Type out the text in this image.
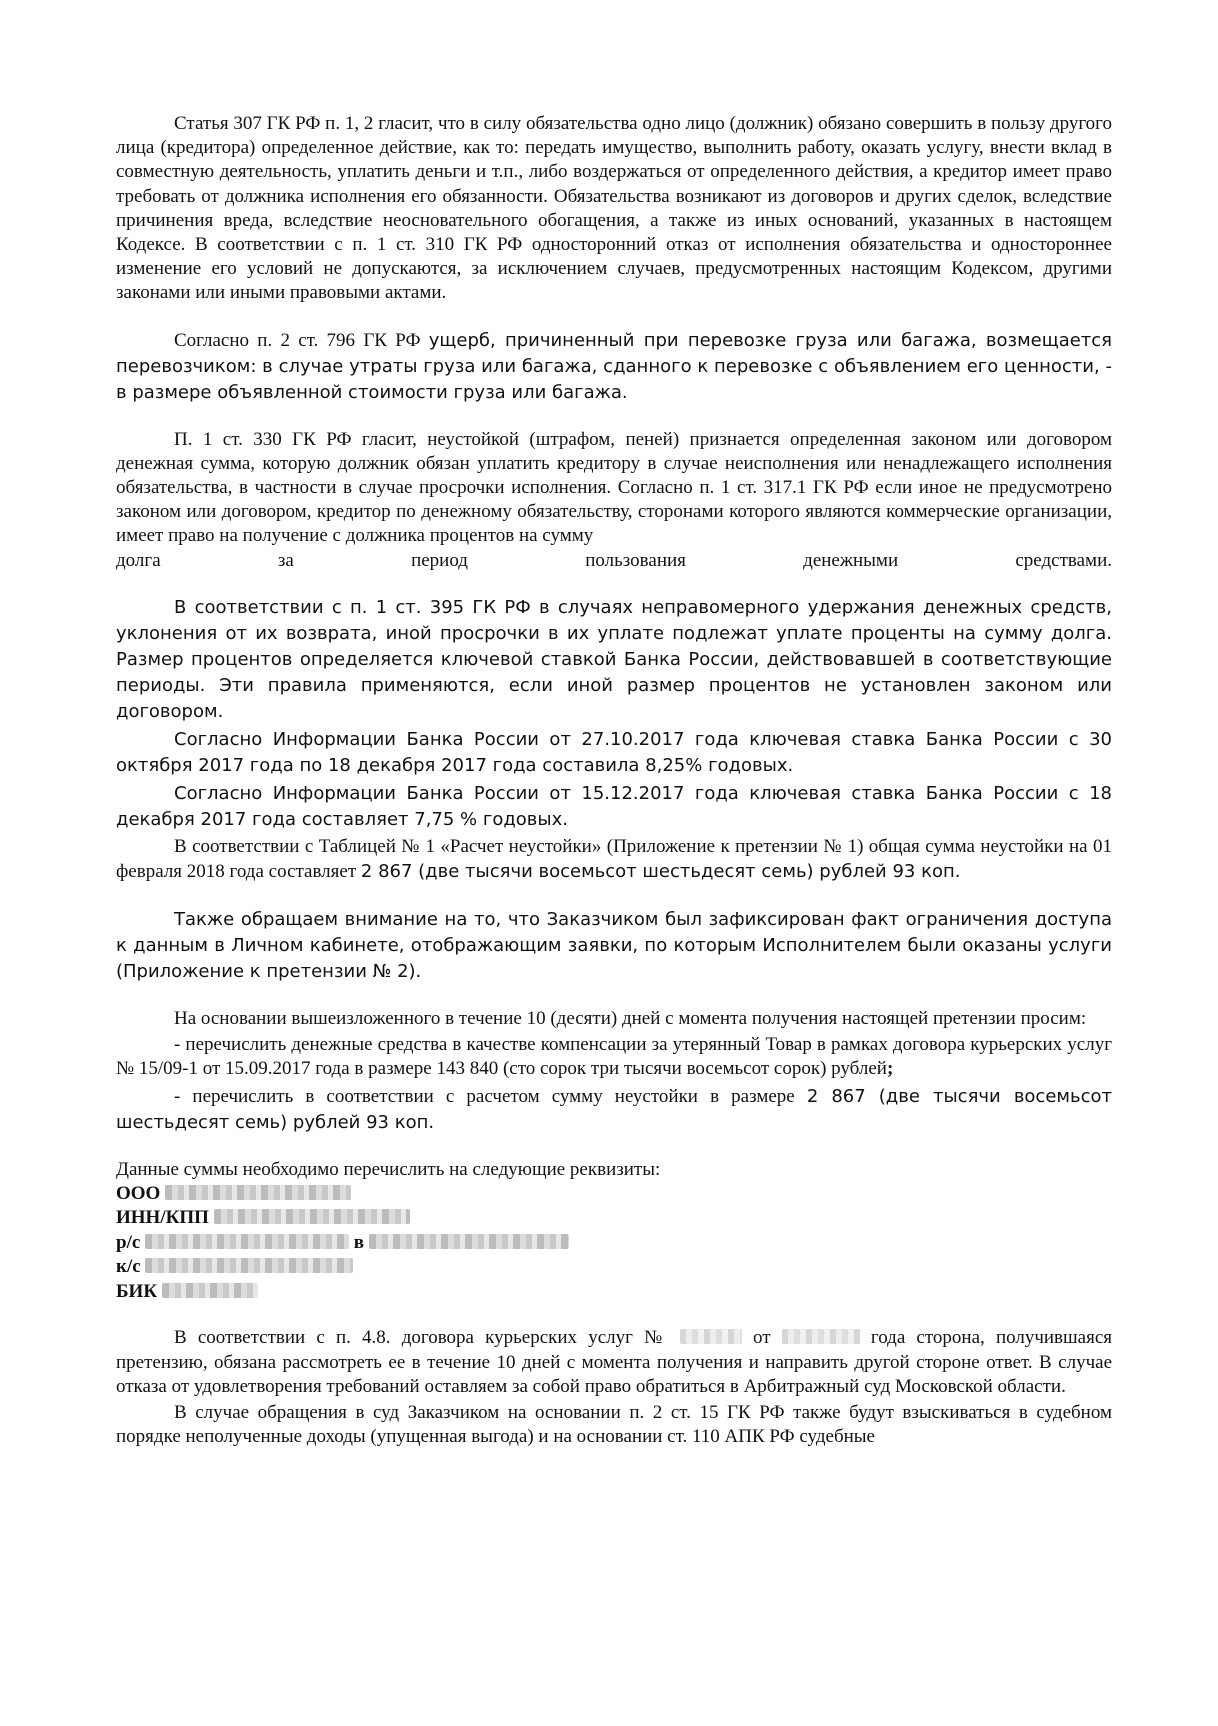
Статья 307 ГК РФ п. 1, 2 гласит, что в силу обязательства одно лицо (должник) обязано совершить в пользу другого лица (кредитора) определенное действие, как то: передать имущество, выполнить работу, оказать услугу, внести вклад в совместную деятельность, уплатить деньги и т.п., либо воздержаться от определенного действия, а кредитор имеет право требовать от должника исполнения его обязанности. Обязательства возникают из договоров и других сделок, вследствие причинения вреда, вследствие неосновательного обогащения, а также из иных оснований, указанных в настоящем Кодексе. В соответствии с п. 1 ст. 310 ГК РФ односторонний отказ от исполнения обязательства и одностороннее изменение его условий не допускаются, за исключением случаев, предусмотренных настоящим Кодексом, другими законами или иными правовыми актами.

Согласно п. 2 ст. 796 ГК РФ ущерб, причиненный при перевозке груза или багажа, возмещается перевозчиком: в случае утраты груза или багажа, сданного к перевозке с объявлением его ценности, - в размере объявленной стоимости груза или багажа.

П. 1 ст. 330 ГК РФ гласит, неустойкой (штрафом, пеней) признается определенная законом или договором денежная сумма, которую должник обязан уплатить кредитору в случае неисполнения или ненадлежащего исполнения обязательства, в частности в случае просрочки исполнения. Согласно п. 1 ст. 317.1 ГК РФ если иное не предусмотрено законом или договором, кредитор по денежному обязательству, сторонами которого являются коммерческие организации, имеет право на получение с должника процентов на сумму

долга за период пользования денежными средствами.

В соответствии с п. 1 ст. 395 ГК РФ в случаях неправомерного удержания денежных средств, уклонения от их возврата, иной просрочки в их уплате подлежат уплате проценты на сумму долга. Размер процентов определяется ключевой ставкой Банка России, действовавшей в соответствующие периоды. Эти правила применяются, если иной размер процентов не установлен законом или договором.

Согласно Информации Банка России от 27.10.2017 года ключевая ставка Банка России с 30 октября 2017 года по 18 декабря 2017 года составила 8,25% годовых.

Согласно Информации Банка России от 15.12.2017 года ключевая ставка Банка России с 18 декабря 2017 года составляет 7,75 % годовых.

В соответствии с Таблицей № 1 «Расчет неустойки» (Приложение к претензии № 1) общая сумма неустойки на 01 февраля 2018 года составляет 2 867 (две тысячи восемьсот шестьдесят семь) рублей 93 коп.

Также обращаем внимание на то, что Заказчиком был зафиксирован факт ограничения доступа к данным в Личном кабинете, отображающим заявки, по которым Исполнителем были оказаны услуги (Приложение к претензии № 2).

На основании вышеизложенного в течение 10 (десяти) дней с момента получения настоящей претензии просим:

- перечислить денежные средства в качестве компенсации за утерянный Товар в рамках договора курьерских услуг № 15/09-1 от 15.09.2017 года в размере 143 840 (сто сорок три тысячи восемьсот сорок) рублей;

- перечислить в соответствии с расчетом сумму неустойки в размере 2 867 (две тысячи восемьсот шестьдесят семь) рублей 93 коп.

Данные суммы необходимо перечислить на следующие реквизиты:

ООО
ИНН/КПП
р/с	в
к/с
БИК

В соответствии с п. 4.8. договора курьерских услуг №	от	года сторона, получившаяся претензию, обязана рассмотреть ее в течение 10 дней с момента получения и направить другой стороне ответ. В случае отказа от удовлетворения требований оставляем за собой право обратиться в Арбитражный суд Московской области.

В случае обращения в суд Заказчиком на основании п. 2 ст. 15 ГК РФ также будут взыскиваться в судебном порядке неполученные доходы (упущенная выгода) и на основании ст. 110 АПК РФ судебные
